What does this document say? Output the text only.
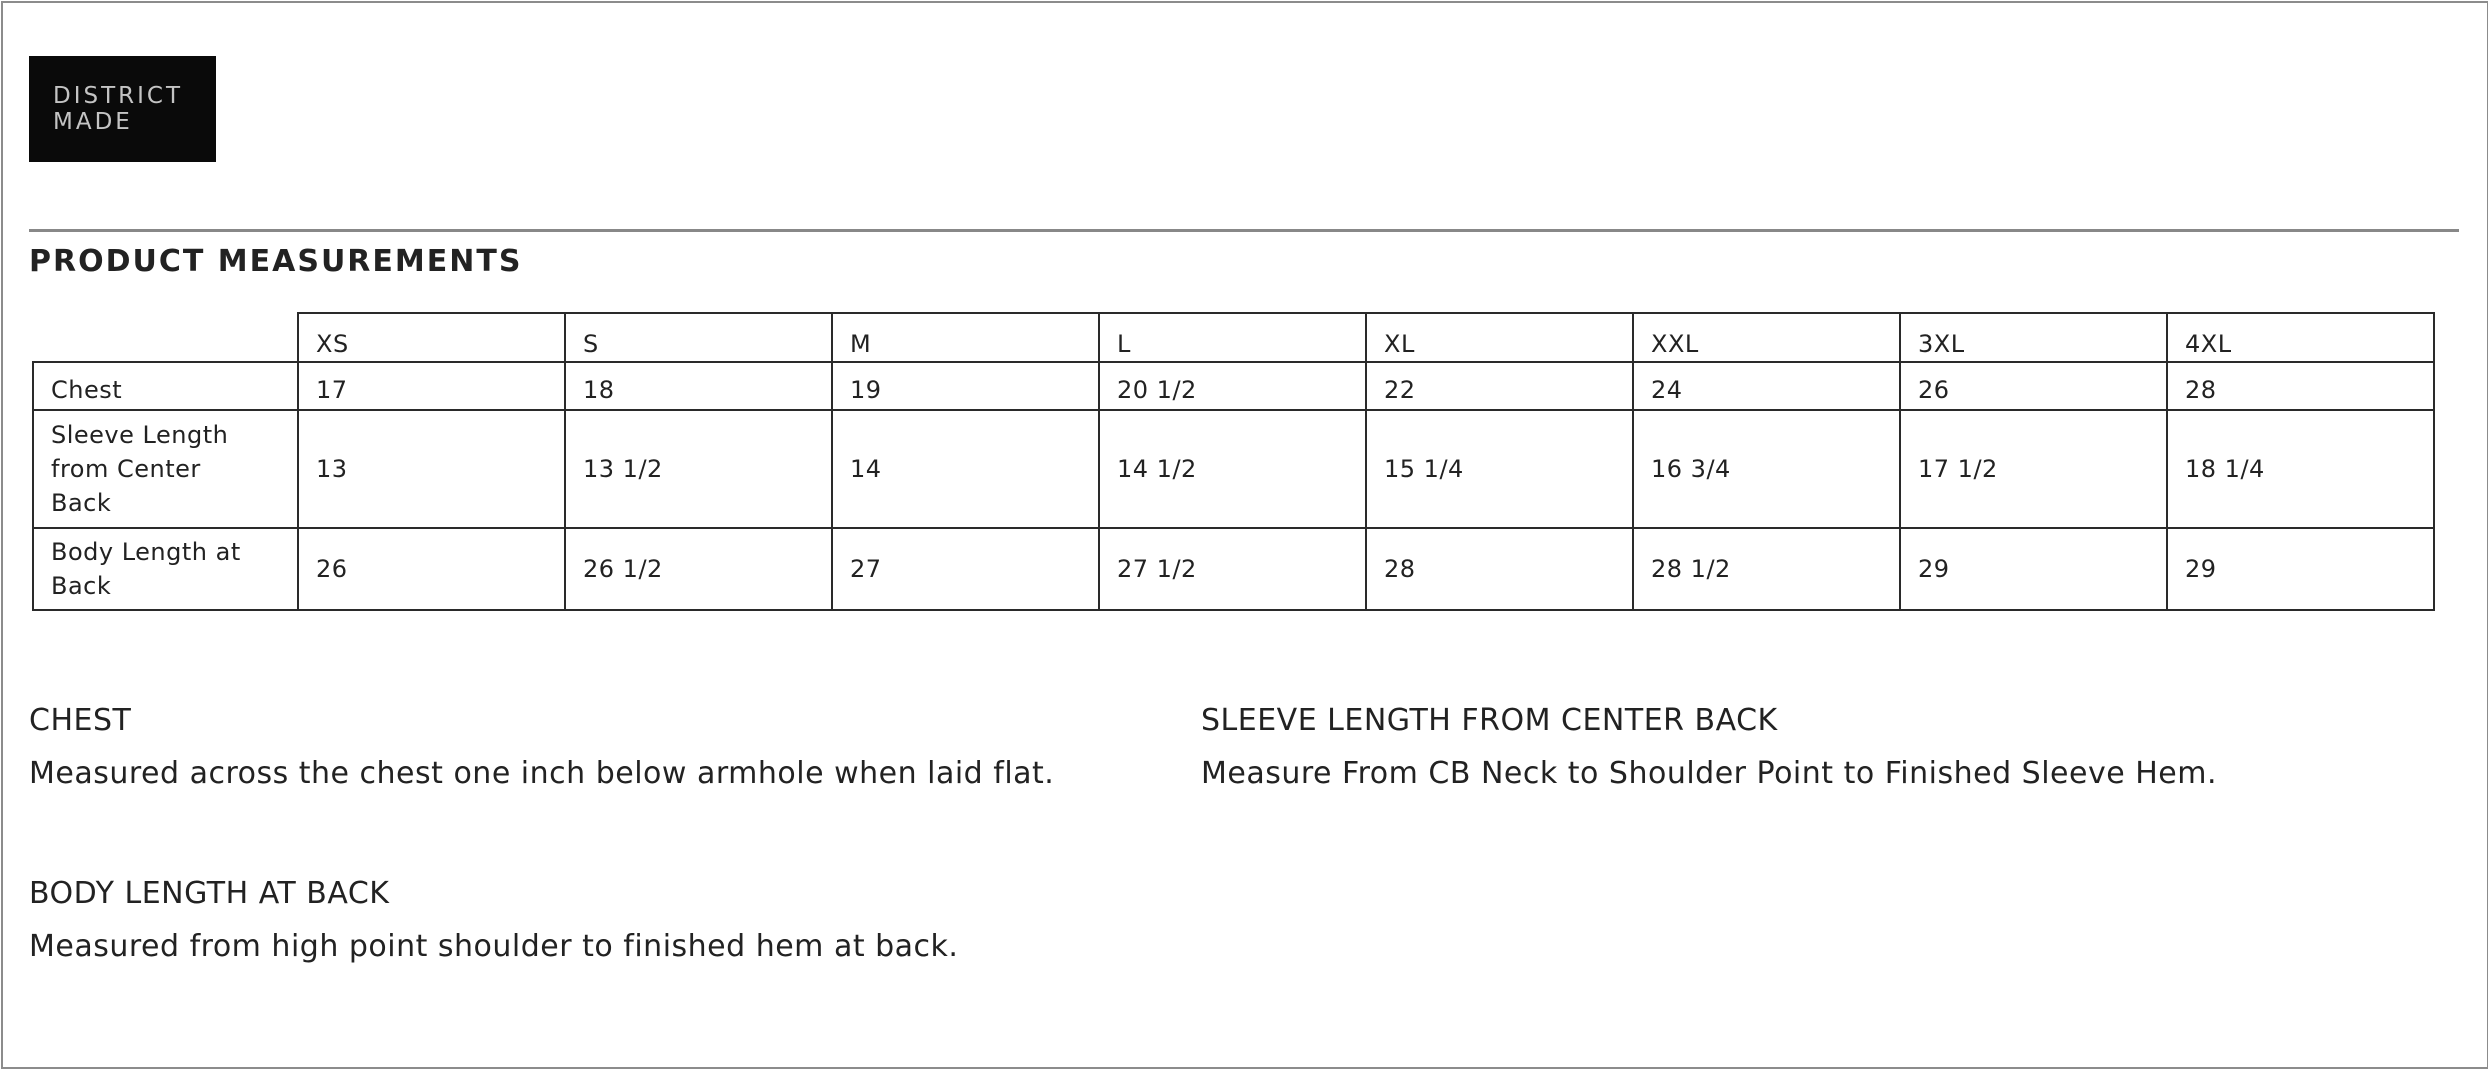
DISTRICT
MADE
PRODUCT MEASUREMENTS
	XS	S	M	L	XL	XXL	3XL	4XL
Chest	17	18	19	20 1/2	22	24	26	28
Sleeve Length from Center Back	13	13 1/2	14	14 1/2	15 1/4	16 3/4	17 1/2	18 1/4
Body Length at Back	26	26 1/2	27	27 1/2	28	28 1/2	29	29
CHEST
Measured across the chest one inch below armhole when laid flat.
SLEEVE LENGTH FROM CENTER BACK
Measure From CB Neck to Shoulder Point to Finished Sleeve Hem.
BODY LENGTH AT BACK
Measured from high point shoulder to finished hem at back.
